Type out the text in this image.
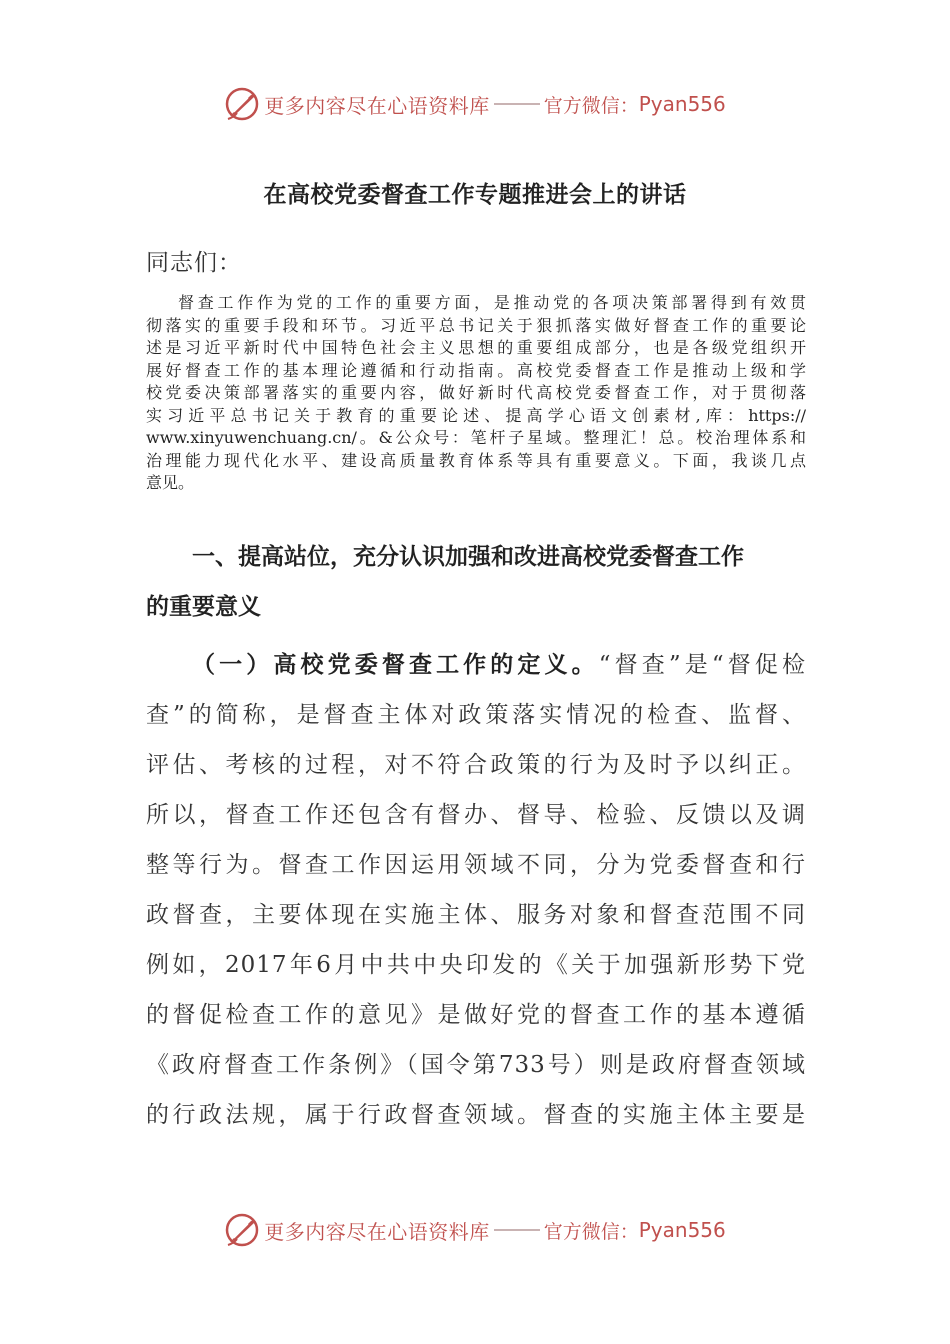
更多内容尽在心语资料库	官方微信： Pyan556
在高校党委督查工作专题推进会上的讲话
同志们：
督查工作作为党的工作的重要方面，是推动党的各项决策部署得到有效贯
彻落实的重要手段和环节。习近平总书记关于狠抓落实做好督查工作的重要论
述是习近平新时代中国特色社会主义思想的重要组成部分，也是各级党组织开
展好督查工作的基本理论遵循和行动指南。高校党委督查工作是推动上级和学
校党委决策部署落实的重要内容，做好新时代高校党委督查工作，对于贯彻落
实习近平总书记关于教育的重要论述、提高学心语文创素材,库：https://
www.xinyuwenchuang.cn/。&公众号：笔杆子星域。整理汇！总。校治理体系和
治理能力现代化水平、建设高质量教育体系等具有重要意义。下面，我谈几点
意见。
一、提高站位，充分认识加强和改进高校党委督查工作
的重要意义
（一）高校党委督查工作的定义。“督查”是“督促检
查”的简称，是督查主体对政策落实情况的检查、监督、
评估、考核的过程，对不符合政策的行为及时予以纠正。
所以，督查工作还包含有督办、督导、检验、反馈以及调
整等行为。督查工作因运用领域不同，分为党委督查和行
政督查，主要体现在实施主体、服务对象和督查范围不同
例如，2017年6月中共中央印发的《关于加强新形势下党
的督促检查工作的意见》是做好党的督查工作的基本遵循
《政府督查工作条例》（国令第733号）则是政府督查领域
的行政法规，属于行政督查领域。督查的实施主体主要是
更多内容尽在心语资料库	官方微信： Pyan556
